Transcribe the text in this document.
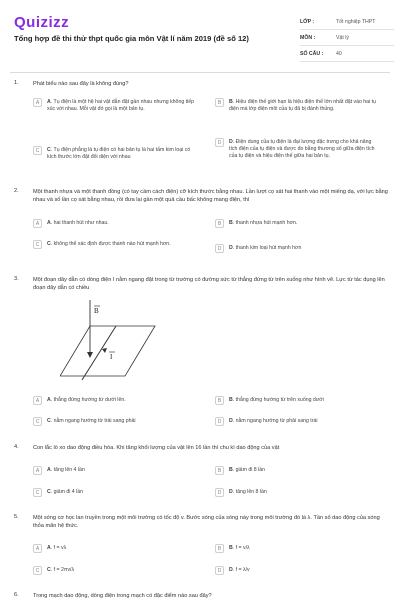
Quizizz
Tổng hợp đề thi thử thpt quốc gia môn Vật lí năm 2019 (đề số 12)
LỚP :	Tốt nghiệp THPT
MÔN :	Vật lý
SỐ CÂU :	40
1.	Phát biểu nào sau đây là không đúng?
A	A. Tụ điện là một hệ hai vật dẫn đặt gần nhau nhưng không tiếp xúc với nhau. Mỗi vật đó gọi là một bản tụ.
B	B. Hiệu điện thế giới hạn là hiệu điện thế lớn nhất đặt vào hai tụ điện mà lớp điện môi của tụ đã bị đánh thủng.
C	C. Tụ điện phẳng là tụ điện có hai bản tụ là hai tấm kim loại có kích thước lớn đặt đối diện với nhau
D	D. Điện dung của tụ điện là đại lượng đặc trưng cho khả năng tích điện của tụ điện và được đo bằng thương số giữa điện tích của tụ điện và hiệu điện thế giữa hai bản tụ.
2.	Một thanh nhựa và một thanh đồng (có tay cầm cách điện) cỡ kích thước bằng nhau. Lần lượt cọ sát hai thanh vào một miếng dạ, với lực bằng nhau và số lần cọ sát bằng nhau, rồi đưa lại gần một quả cầu bấc không mang điện, thì
A	A. hai thanh hút như nhau.	B	B. thanh nhựa hút mạnh hơn.
C	C. không thể xác định được thanh nào hút mạnh hơn.
D	D. thanh kim loại hút mạnh hơn
3.	Một đoạn dây dẫn có dòng điện I nằm ngang đặt trong từ trường có đường sức từ thẳng đứng từ trên xuống như hình vẽ. Lực từ tác dụng lên đoạn dây dẫn có chiều
B
I
A	A. thẳng đứng hướng từ dưới lên.	B	B. thẳng đứng hướng từ trên xuống dưới
C	C. nằm ngang hướng từ trái sang phải	D	D. nằm ngang hướng từ phải sang trái
4.	Con lắc lò xo dao động điều hòa. Khi tăng khối lượng của vật lên 16 lần thì chu kì dao động của vật
A	A. tăng lên 4 lần	B	B. giảm đi 8 lần
C	C. giảm đi 4 lần	D	D. tăng lên 8 lần
5.	Một sóng cơ học lan truyền trong một môi trường có tốc độ v. Bước sóng của sóng này trong môi trường đó là λ. Tần số dao động của sóng thỏa mãn hệ thức.
A	A. f = vλ	B	B. f = v/λ
C	C. f = 2πv/λ	D	D. f = λ/v
6.	Trong mạch dao động, dòng điện trong mạch có đặc điểm nào sau đây?
